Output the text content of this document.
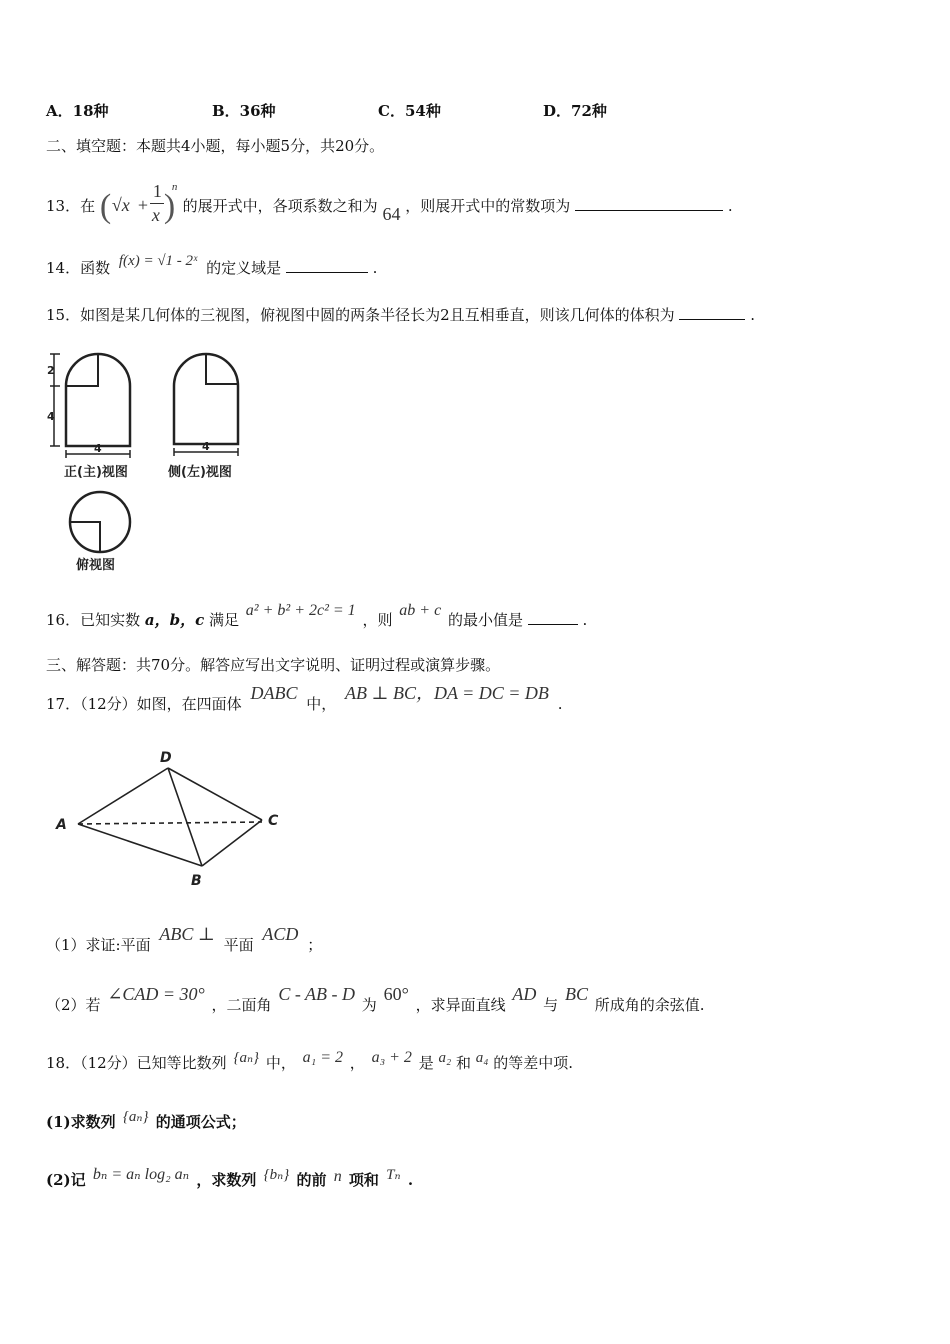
A．18种	B．36种	C．54种	D．72种
二、填空题：本题共4小题，每小题5分，共20分。
13．在 ( √x +
1
x )
n
的展开式中，各项系数之和为 64 ，则展开式中的常数项为	.
14．函数 f(x) = √1 - 2ˣ 的定义域是	.
15．如图是某几何体的三视图，俯视图中圆的两条半径长为2且互相垂直，则该几何体的体积为	.
2
4
4
正(主)视图
4
侧(左)视图
俯视图
16．已知实数 a，b，c 满足 a² + b² + 2c² = 1 ，则 ab + c 的最小值是	.
三、解答题：共70分。解答应写出文字说明、证明过程或演算步骤。
17．（12分）如图，在四面体 DABC 中， AB ⊥ BC，DA = DC = DB .
D
A	C
B
（1）求证:平面 ABC ⊥ 平面 ACD ；
（2）若 ∠CAD = 30° ，二面角 C - AB - D 为 60° ，求异面直线 AD 与 BC 所成角的余弦值.
18．（12分）已知等比数列 {aₙ} 中， a₁ = 2 ， a₃ + 2 是 a₂ 和 a₄ 的等差中项.
(1)求数列 {aₙ} 的通项公式；
(2)记 bₙ = aₙ log₂ aₙ ，求数列 {bₙ} 的前 n 项和 Tₙ .
